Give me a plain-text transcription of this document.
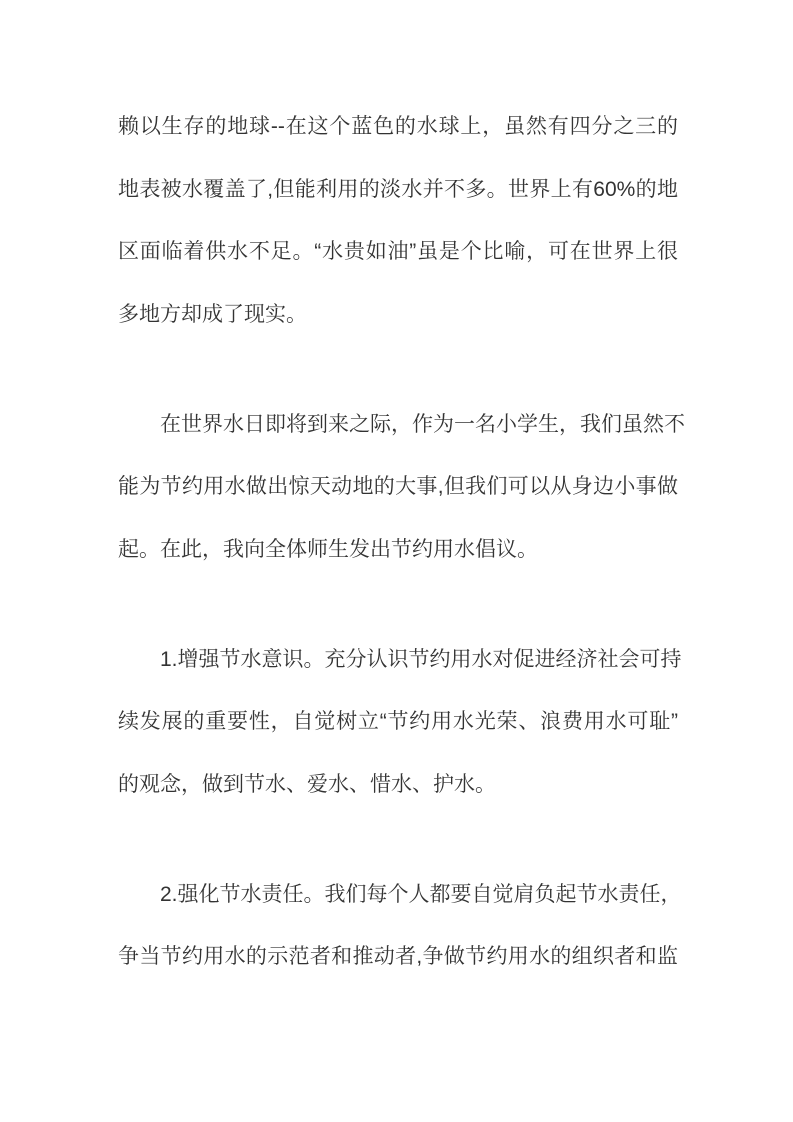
赖以生存的地球--在这个蓝色的水球上，虽然有四分之三的
地表被水覆盖了,但能利用的淡水并不多。世界上有60%的地
区面临着供水不足。“水贵如油”虽是个比喻，可在世界上很
多地方却成了现实。
　　在世界水日即将到来之际，作为一名小学生，我们虽然不
能为节约用水做出惊天动地的大事,但我们可以从身边小事做
起。在此，我向全体师生发出节约用水倡议。
　　1.增强节水意识。充分认识节约用水对促进经济社会可持
续发展的重要性，自觉树立“节约用水光荣、浪费用水可耻”
的观念，做到节水、爱水、惜水、护水。
　　2.强化节水责任。我们每个人都要自觉肩负起节水责任，
争当节约用水的示范者和推动者,争做节约用水的组织者和监
